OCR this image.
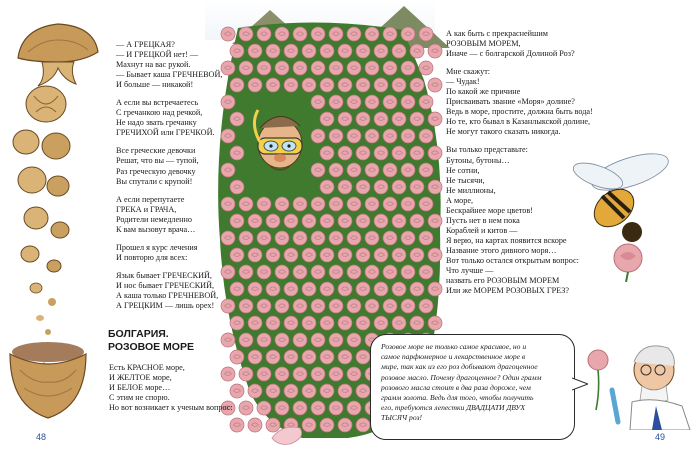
— А ГРЕЦКАЯ?
— И ГРЕЦКОЙ нет! —
Махнут на вас рукой.
— Бывает каша ГРЕЧНЕВОЙ,
И больше — никакой!

А если вы встречаетесь
С гречанкою над речкой,
Не надо звать гречанку
ГРЕЧИХОЙ или ГРЕЧКОЙ.

Все греческие девочки
Решат, что вы — тупой,
Раз греческую девочку
Вы спутали с крупой!

А если перепутаете
ГРЕКА и ГРАЧА,
Родители немедленно
К вам вызовут врача…

Прошел я курс лечения
И повторю для всех:

Язык бывает ГРЕЧЕСКИЙ,
И нос бывает ГРЕЧЕСКИЙ,
А каша только ГРЕЧНЕВОЙ,
А ГРЕЦКИМ — лишь орех!

БОЛГАРИЯ.
РОЗОВОЕ МОРЕ
Есть КРАСНОЕ море,
И ЖЕЛТОЕ море,
И БЕЛОЕ море…
С этим не спорю.
Но вот возникает к ученым вопрос:

А как быть с прекраснейшим
РОЗОВЫМ МОРЕМ,
Иначе — с болгарской Долиной Роз?

Мне скажут:
— Чудак!
По какой же причине
Присваивать звание «Моря» долине?
Ведь в море, простите, должна быть вода!
Но те, кто бывал в Казанлыкской долине,
Не могут такого сказать никогда.

Вы только представьте:
Бутоны, бутоны…
Не сотни,
Не тысячи,
Не миллионы,
А море,
Бескрайнее море цветов!
Пусть нет в нем пока
Кораблей и китов —
Я верю, на картах появится вскоре
Название этого дивного моря…
Вот только остался открытым вопрос:
Что лучше —
назвать его РОЗОВЫМ МОРЕМ
Или же МОРЕМ РОЗОВЫХ ГРЕЗ?

Розовое море не только самое красивое, но и
самое парфюмерное и лекарственное море в
мире, так как из его роз добывают драгоценное
розовое масло. Почему драгоценное? Один грамм
розового масла стоит в два раза дороже, чем
грамм золота. Ведь для того, чтобы получить
его, требуются лепестки ДВАДЦАТИ ДВУХ
ТЫСЯЧ роз!
48	49
